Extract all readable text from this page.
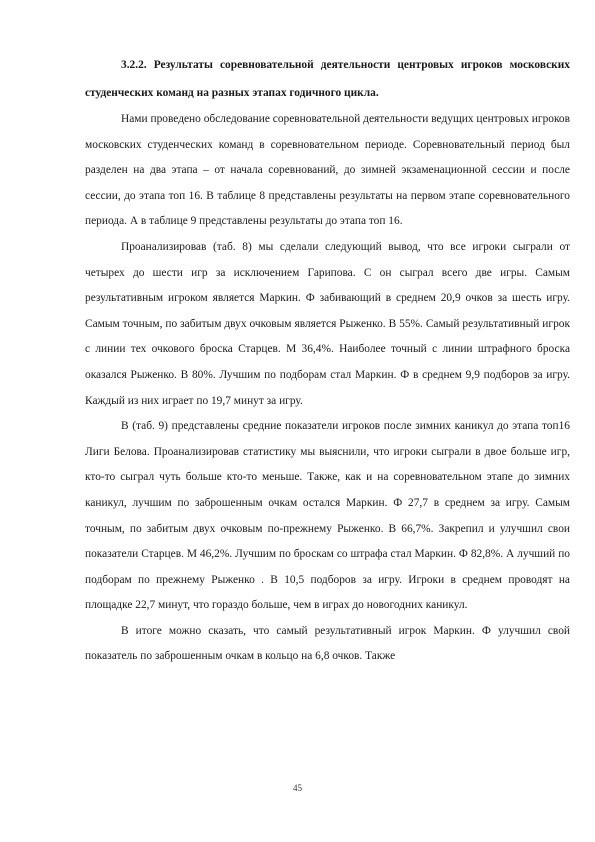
3.2.2. Результаты соревновательной деятельности центровых игроков московских студенческих команд на разных этапах годичного цикла.

Нами проведено обследование соревновательной деятельности ведущих центровых игроков московских студенческих команд в соревновательном периоде. Соревновательный период был разделен на два этапа – от начала соревнований, до зимней экзаменационной сессии и после сессии, до этапа топ 16. В таблице 8 представлены результаты на первом этапе соревновательного периода. А в таблице 9 представлены результаты до этапа топ 16.

Проанализировав (таб. 8) мы сделали следующий вывод, что все игроки сыграли от четырех до шести игр за исключением Гарипова. С он сыграл всего две игры. Самым результативным игроком является Маркин. Ф забивающий в среднем 20,9 очков за шесть игру. Самым точным, по забитым двух очковым является Рыженко. В 55%. Самый результативный игрок с линии тех очкового броска Старцев. М 36,4%. Наиболее точный с линии штрафного броска оказался Рыженко. В 80%. Лучшим по подборам стал Маркин. Ф в среднем 9,9 подборов за игру. Каждый из них играет по 19,7 минут за игру.

В (таб. 9) представлены средние показатели игроков после зимних каникул до этапа топ16 Лиги Белова. Проанализировав статистику мы выяснили, что игроки сыграли в двое больше игр, кто-то сыграл чуть больше кто-то меньше. Также, как и на соревновательном этапе до зимних каникул, лучшим по заброшенным очкам остался Маркин. Ф 27,7 в среднем за игру. Самым точным, по забитым двух очковым по-прежнему Рыженко. В 66,7%. Закрепил и улучшил свои показатели Старцев. М 46,2%. Лучшим по броскам со штрафа стал Маркин. Ф 82,8%. А лучший по подборам по прежнему Рыженко . В 10,5 подборов за игру. Игроки в среднем проводят на площадке 22,7 минут, что гораздо больше, чем в играх до новогодних каникул.

В итоге можно сказать, что самый результативный игрок Маркин. Ф улучшил свой показатель по заброшенным очкам в кольцо на 6,8 очков. Также

45
